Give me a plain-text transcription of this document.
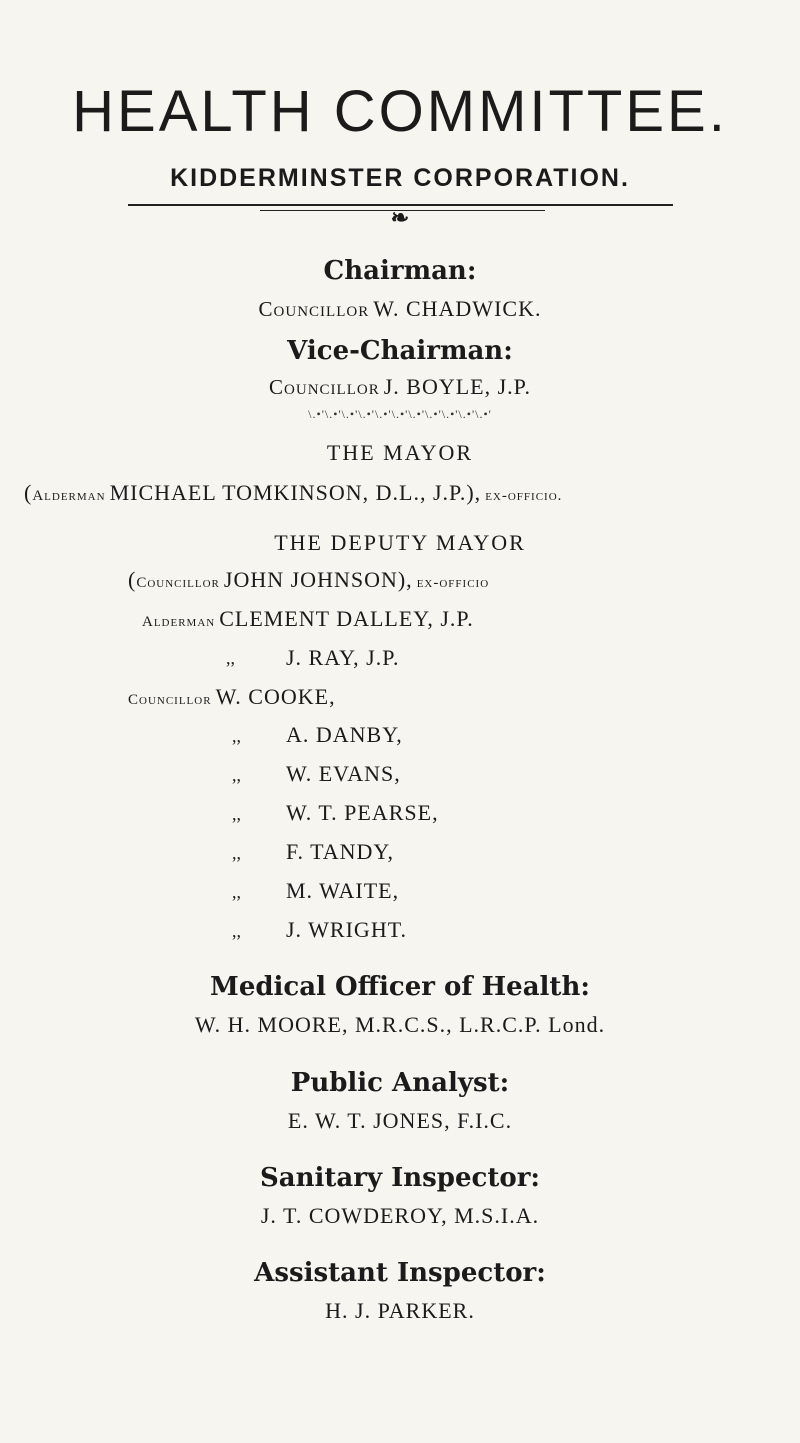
HEALTH COMMITTEE.
KIDDERMINSTER CORPORATION.
❧
Chairman:
Councillor W. CHADWICK.
Vice-Chairman:
Councillor J. BOYLE, J.P.
\.•'\.•'\.•'\.•'\.•'\.•'\.•'\.•'\.•'\.•'\.•'
THE MAYOR
(Alderman MICHAEL TOMKINSON, D.L., J.P.), ex-officio.
THE DEPUTY MAYOR
(Councillor JOHN JOHNSON), ex-officio
Alderman CLEMENT DALLEY, J.P.
,, J. RAY, J.P.
Councillor W. COOKE,
,, A. DANBY,
,, W. EVANS,
,, W. T. PEARSE,
,, F. TANDY,
,, M. WAITE,
,, J. WRIGHT.
Medical Officer of Health:
W. H. MOORE, M.R.C.S., L.R.C.P. Lond.
Public Analyst:
E. W. T. JONES, F.I.C.
Sanitary Inspector:
J. T. COWDEROY, M.S.I.A.
Assistant Inspector:
H. J. PARKER.
